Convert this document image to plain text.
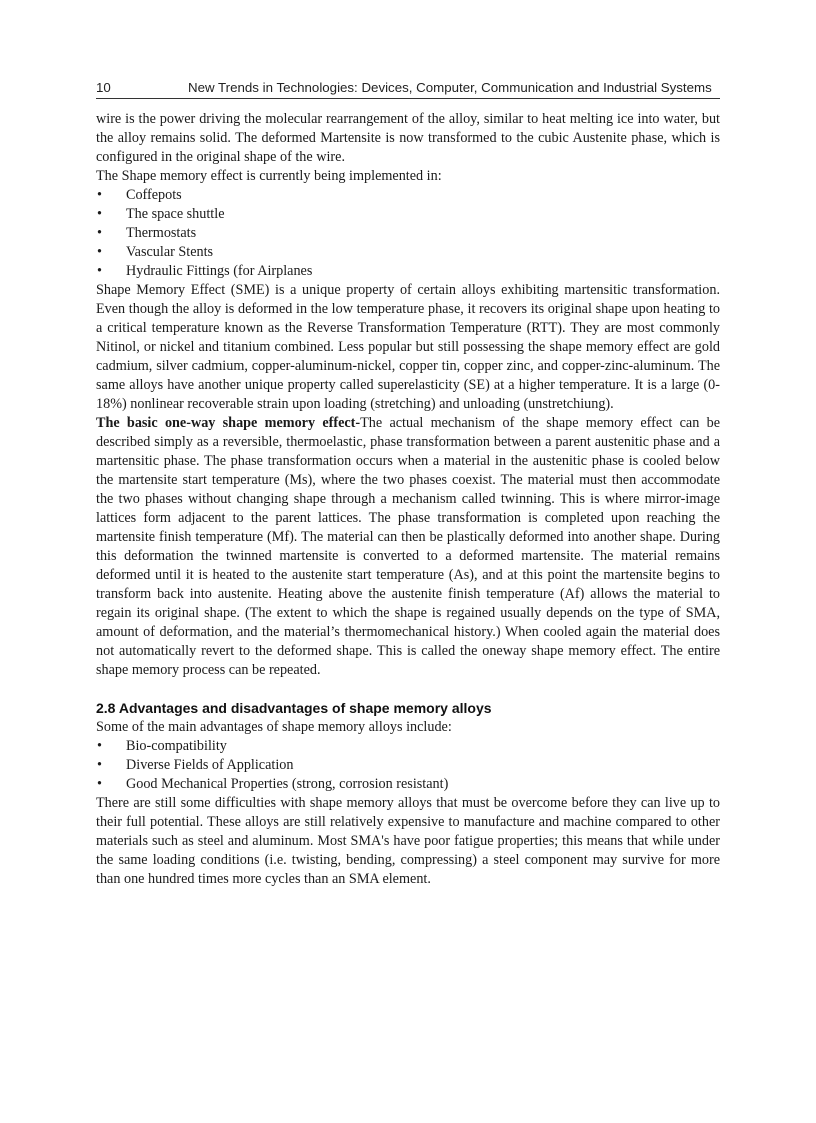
10	New Trends in Technologies: Devices, Computer, Communication and Industrial Systems

wire is the power driving the molecular rearrangement of the alloy, similar to heat melting ice into water, but the alloy remains solid. The deformed Martensite is now transformed to the cubic Austenite phase, which is configured in the original shape of the wire.

The Shape memory effect is currently being implemented in:

• Coffepots
• The space shuttle
• Thermostats
• Vascular Stents
• Hydraulic Fittings (for Airplanes

Shape Memory Effect (SME) is a unique property of certain alloys exhibiting martensitic transformation. Even though the alloy is deformed in the low temperature phase, it recovers its original shape upon heating to a critical temperature known as the Reverse Transformation Temperature (RTT). They are most commonly Nitinol, or nickel and titanium combined. Less popular but still possessing the shape memory effect are gold cadmium, silver cadmium, copper-aluminum-nickel, copper tin, copper zinc, and copper-zinc-aluminum. The same alloys have another unique property called superelasticity (SE) at a higher temperature. It is a large (0-18%) nonlinear recoverable strain upon loading (stretching) and unloading (unstretchiung).

The basic one-way shape memory effect-The actual mechanism of the shape memory effect can be described simply as a reversible, thermoelastic, phase transformation between a parent austenitic phase and a martensitic phase. The phase transformation occurs when a material in the austenitic phase is cooled below the martensite start temperature (Ms), where the two phases coexist. The material must then accommodate the two phases without changing shape through a mechanism called twinning. This is where mirror-image lattices form adjacent to the parent lattices. The phase transformation is completed upon reaching the martensite finish temperature (Mf). The material can then be plastically deformed into another shape. During this deformation the twinned martensite is converted to a deformed martensite. The material remains deformed until it is heated to the austenite start temperature (As), and at this point the martensite begins to transform back into austenite. Heating above the austenite finish temperature (Af) allows the material to regain its original shape. (The extent to which the shape is regained usually depends on the type of SMA, amount of deformation, and the material’s thermomechanical history.) When cooled again the material does not automatically revert to the deformed shape. This is called the oneway shape memory effect. The entire shape memory process can be repeated.

2.8 Advantages and disadvantages of shape memory alloys

Some of the main advantages of shape memory alloys include:

• Bio-compatibility
• Diverse Fields of Application
• Good Mechanical Properties (strong, corrosion resistant)

There are still some difficulties with shape memory alloys that must be overcome before they can live up to their full potential. These alloys are still relatively expensive to manufacture and machine compared to other materials such as steel and aluminum. Most SMA's have poor fatigue properties; this means that while under the same loading conditions (i.e. twisting, bending, compressing) a steel component may survive for more than one hundred times more cycles than an SMA element.
